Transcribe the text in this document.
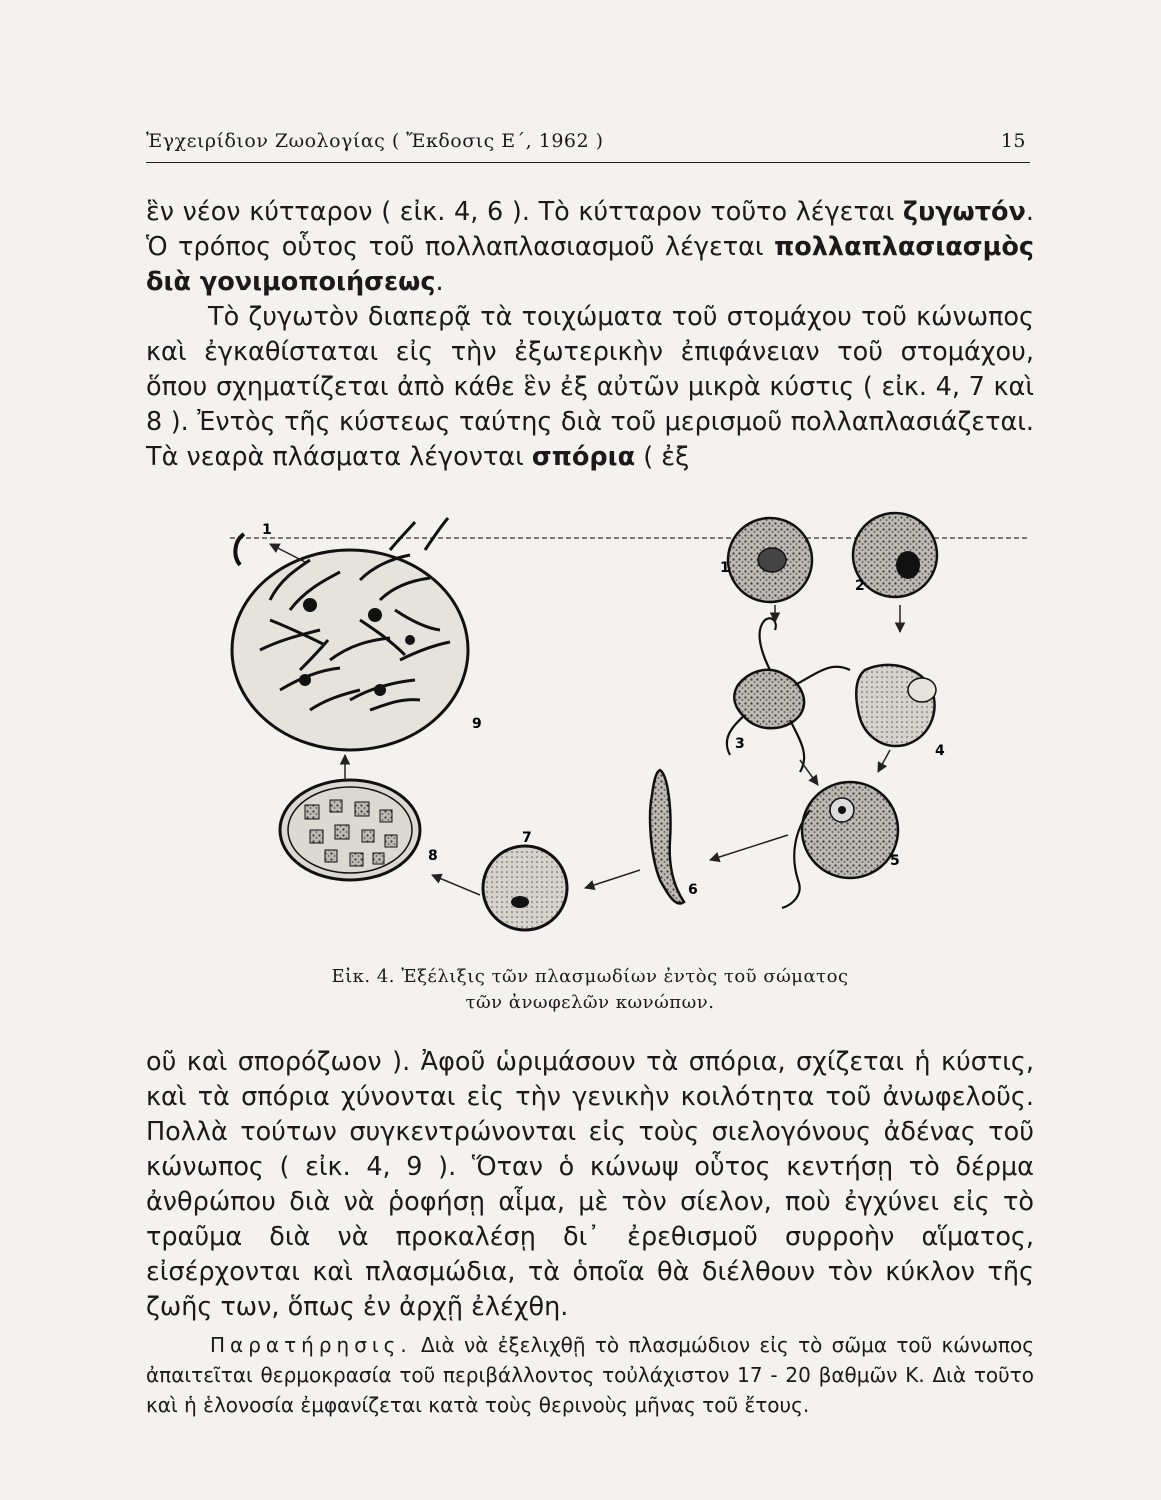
Ἐγχειρίδιον Ζωολογίας ( Ἔκδοσις Ε΄, 1962 )	15

ἓν νέον κύτταρον ( εἰκ. 4, 6 ). Τὸ κύτταρον τοῦτο λέγεται ζυγωτόν. Ὁ τρόπος οὗτος τοῦ πολλαπλασιασμοῦ λέγεται πολλαπλασιασμὸς διὰ γονιμοποιήσεως.

Τὸ ζυγωτὸν διαπερᾷ τὰ τοιχώματα τοῦ στομάχου τοῦ κώνωπος καὶ ἐγκαθίσταται εἰς τὴν ἐξωτερικὴν ἐπιφάνειαν τοῦ στομάχου, ὅπου σχηματίζεται ἀπὸ κάθε ἓν ἐξ αὐτῶν μικρὰ κύστις ( εἰκ. 4, 7 καὶ 8 ). Ἐντὸς τῆς κύστεως ταύτης διὰ τοῦ μερισμοῦ πολλαπλασιάζεται. Τὰ νεαρὰ πλάσματα λέγονται σπόρια ( ἐξ

1
9
8
7
6
1
2
3	4
5
Εἰκ. 4. Ἐξέλιξις τῶν πλασμωδίων ἐντὸς τοῦ σώματος
τῶν ἀνωφελῶν κωνώπων.

οῦ καὶ σπορόζωον ). Ἀφοῦ ὡριμάσουν τὰ σπόρια, σχίζεται ἡ κύστις, καὶ τὰ σπόρια χύνονται εἰς τὴν γενικὴν κοιλότητα τοῦ ἀνωφελοῦς. Πολλὰ τούτων συγκεντρώνονται εἰς τοὺς σιελογόνους ἀδένας τοῦ κώνωπος ( εἰκ. 4, 9 ). Ὅταν ὁ κώνωψ οὗτος κεντήσῃ τὸ δέρμα ἀνθρώπου διὰ νὰ ῥοφήσῃ αἷμα, μὲ τὸν σίελον, ποὺ ἐγχύνει εἰς τὸ τραῦμα διὰ νὰ προκαλέσῃ δι᾽ ἐρεθισμοῦ συρροὴν αἵματος, εἰσέρχονται καὶ πλασμώδια, τὰ ὁποῖα θὰ διέλθουν τὸν κύκλον τῆς ζωῆς των, ὅπως ἐν ἀρχῇ ἐλέχθη.

Παρατήρησις. Διὰ νὰ ἐξελιχθῇ τὸ πλασμώδιον εἰς τὸ σῶμα τοῦ κώνωπος ἀπαιτεῖται θερμοκρασία τοῦ περιβάλλοντος τοὐλάχιστον 17 - 20 βαθμῶν Κ. Διὰ τοῦτο καὶ ἡ ἑλονοσία ἐμφανίζεται κατὰ τοὺς θερινοὺς μῆνας τοῦ ἔτους.
